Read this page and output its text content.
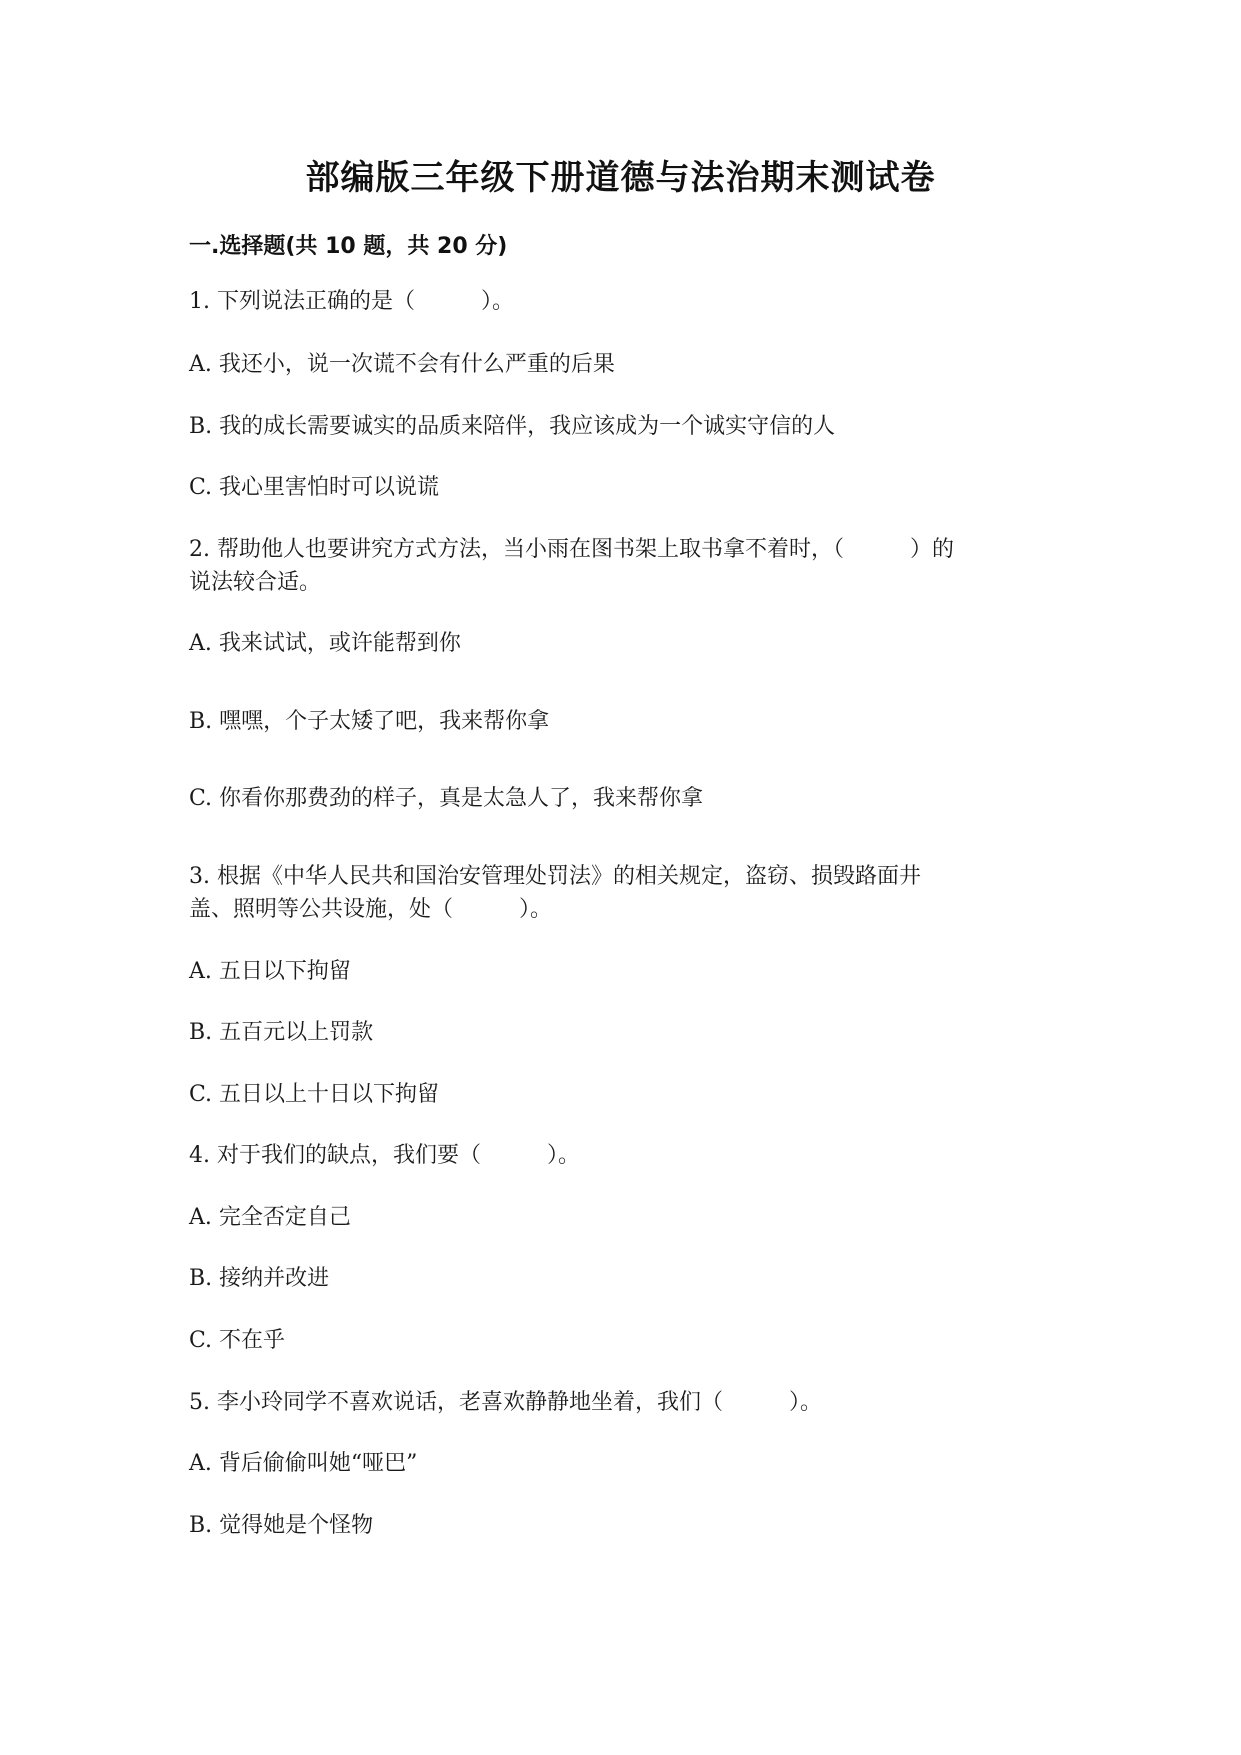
部编版三年级下册道德与法治期末测试卷
一.选择题(共 10 题，共 20 分)
1. 下列说法正确的是（　　　）。
A. 我还小，说一次谎不会有什么严重的后果
B. 我的成长需要诚实的品质来陪伴，我应该成为一个诚实守信的人
C. 我心里害怕时可以说谎
2. 帮助他人也要讲究方式方法，当小雨在图书架上取书拿不着时，（　　　）的
说法较合适。
A. 我来试试，或许能帮到你
B. 嘿嘿，个子太矮了吧，我来帮你拿
C. 你看你那费劲的样子，真是太急人了，我来帮你拿
3. 根据《中华人民共和国治安管理处罚法》的相关规定，盗窃、损毁路面井
盖、照明等公共设施，处（　　　）。
A. 五日以下拘留
B. 五百元以上罚款
C. 五日以上十日以下拘留
4. 对于我们的缺点，我们要（　　　）。
A. 完全否定自己
B. 接纳并改进
C. 不在乎
5. 李小玲同学不喜欢说话，老喜欢静静地坐着，我们（　　　）。
A. 背后偷偷叫她“哑巴”
B. 觉得她是个怪物
